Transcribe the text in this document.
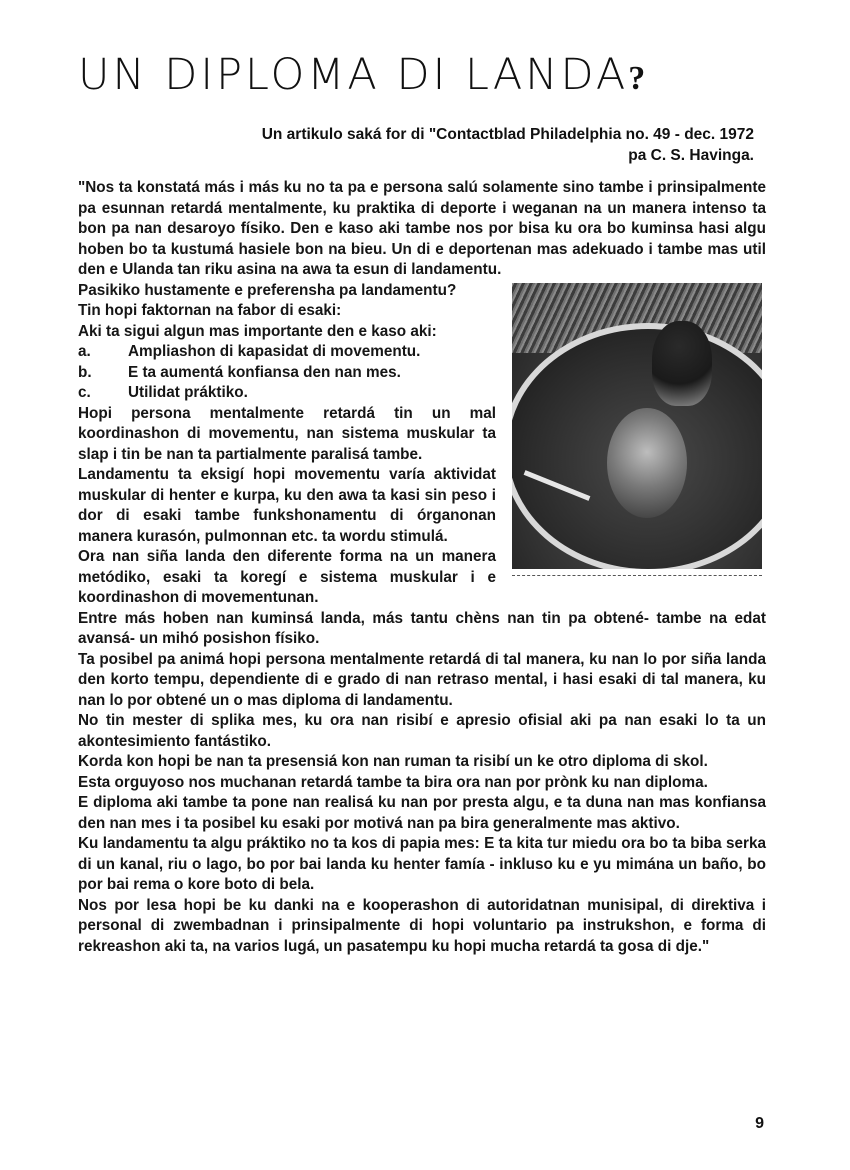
UN DIPLOMA DI LANDA?
Un artikulo saká for di "Contactblad Philadelphia no. 49 - dec. 1972
pa C. S. Havinga.

"Nos ta konstatá más i más ku no ta pa e persona salú solamente sino tambe i prinsipalmente pa esunnan retardá mentalmente, ku praktika di deporte i weganan na un manera intenso ta bon pa nan desaroyo físiko. Den e kaso aki tambe nos por bisa ku ora bo kuminsa hasi algu hoben bo ta kustumá hasiele bon na bieu. Un di e deportenan mas adekuado i tambe mas util den e Ulanda tan riku asina na awa ta esun di landamentu.

Pasikiko hustamente e preferensha pa landamentu?

Tin hopi faktornan na fabor di esaki:

Aki ta sigui algun mas importante den e kaso aki:

a.	Ampliashon di kapasidat di movementu.
b.	E ta aumentá konfiansa den nan mes.
c.	Utilidat práktiko.

Hopi persona mentalmente retardá tin un mal koordinashon di movementu, nan sistema muskular ta slap i tin be nan ta partialmente paralisá tambe.

Landamentu ta eksigí hopi movementu varía aktividat muskular di henter e kurpa, ku den awa ta kasi sin peso i dor di esaki tambe funkshonamentu di órganonan manera kurasón, pulmonnan etc. ta wordu stimulá.

Ora nan siña landa den diferente forma na un manera metódiko, esaki ta koregí e sistema muskular i e koordinashon di movementunan.

Entre más hoben nan kuminsá landa, más tantu chèns nan tin pa obtené- tambe na edat avansá- un mihó posishon físiko.

Ta posibel pa animá hopi persona mentalmente retardá di tal manera, ku nan lo por siña landa den korto tempu, dependiente di e grado di nan retraso mental, i hasi esaki di tal manera, ku nan lo por obtené un o mas diploma di landamentu.

No tin mester di splika mes, ku ora nan risibí e apresio ofisial aki pa nan esaki lo ta un akontesimiento fantástiko.

Korda kon hopi be nan ta presensiá kon nan ruman ta risibí un ke otro diploma di skol.

Esta orguyoso nos muchanan retardá tambe ta bira ora nan por prònk ku nan diploma.

E diploma aki tambe ta pone nan realisá ku nan por presta algu, e ta duna nan mas konfiansa den nan mes i ta posibel ku esaki por motivá nan pa bira generalmente mas aktivo.

Ku landamentu ta algu práktiko no ta kos di papia mes: E ta kita tur miedu ora bo ta biba serka di un kanal, riu o lago, bo por bai landa ku henter famía - inkluso ku e yu mimána un baño, bo por bai rema o kore boto di bela.

Nos por lesa hopi be ku danki na e kooperashon di autoridatnan munisipal, di direktiva i personal di zwembadnan i prinsipalmente di hopi voluntario pa instrukshon, e forma di rekreashon aki ta, na varios lugá, un pasatempu ku hopi mucha retardá ta gosa di dje."

9
